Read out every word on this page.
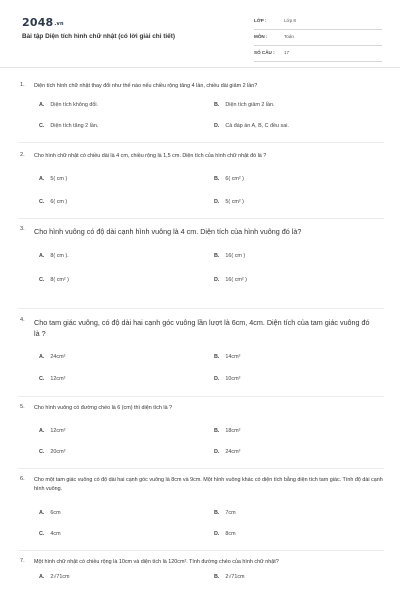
2048.vn
Bài tập Diện tích hình chữ nhật (có lời giải chi tiết)
LỚP :	Lớp 8
MÔN :	Toán
SỐ CÂU : 17
1. Diện tích hình chữ nhật thay đổi như thế nào nếu chiều rộng tăng 4 lần, chiều dài giảm 2 lần?
A. Diện tích không đổi.	B. Diện tích giảm 2 lần.
C. Diện tích tăng 2 lần.	D. Cả đáp án A, B, C đều sai.
2. Cho hình chữ nhật có chiều dài là 4 cm, chiều rộng là 1,5 cm. Diện tích của hình chữ nhật đó là ?
A. 5( cm )	B. 6( cm² )
C. 6( cm )	D. 5( cm² )
3. Cho hình vuông có độ dài cạnh hình vuông là 4 cm. Diện tích của hình vuông đó là?
A. 8( cm ).	B. 16( cm )
C. 8( cm² )	D. 16( cm² )
4. Cho tam giác vuông, có độ dài hai cạnh góc vuông lần lượt là 6cm, 4cm. Diện tích của tam giác vuông đó là ?
A. 24cm²	B. 14cm²
C. 12cm²	D. 10cm²
5. Cho hình vuông có đường chéo là 6 (cm) thì diện tích là ?
A. 12cm²	B. 18cm²
C. 20cm²	D. 24cm²
6. Cho một tam giác vuông có độ dài hai cạnh góc vuông là 8cm và 9cm. Một hình vuông khác có diện tích bằng diện tích tam giác. Tính độ dài cạnh hình vuông.
A. 6cm	B. 7cm
C. 4cm	D. 8cm
7. Một hình chữ nhật có chiều rộng là 10cm và diện tích là 120cm². Tính đường chéo của hình chữ nhật?
A. 2√71cm	B. 2√71cm
